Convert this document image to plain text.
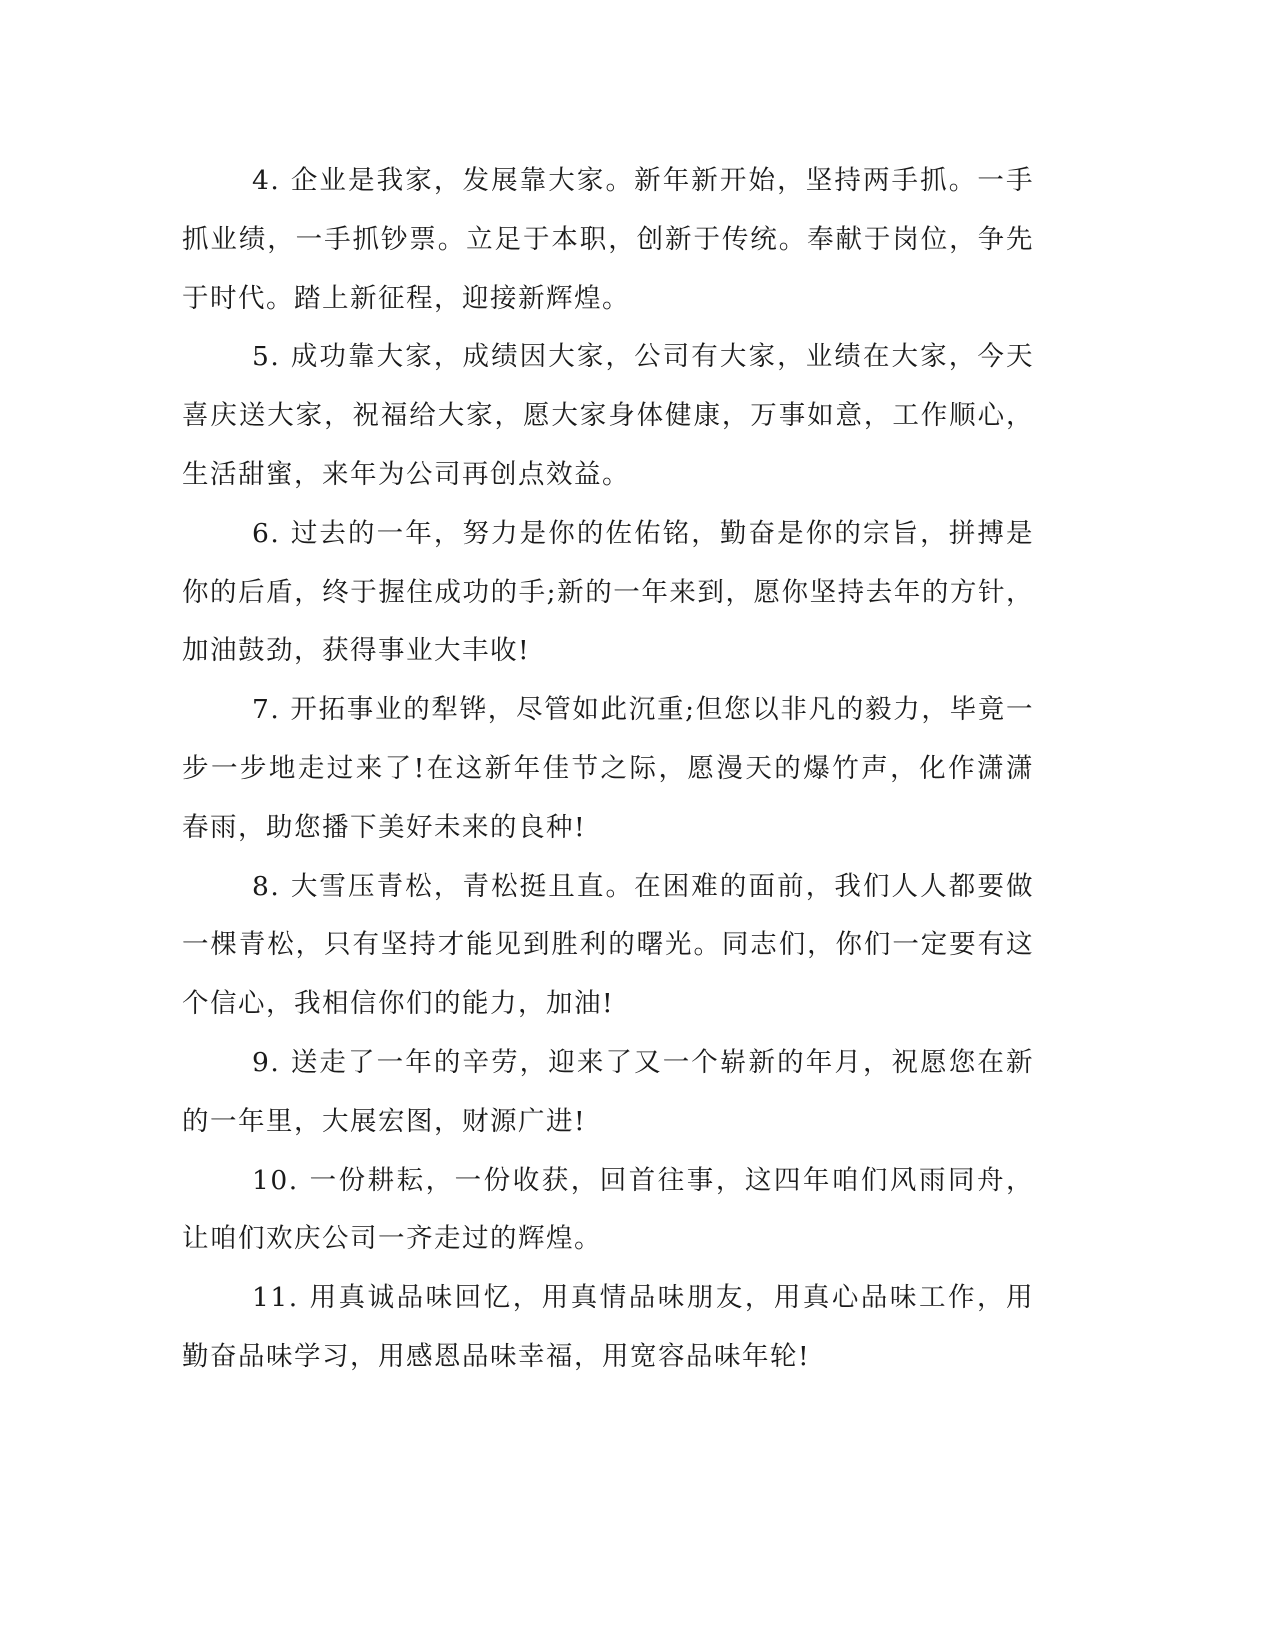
4. 企业是我家，发展靠大家。新年新开始，坚持两手抓。一手抓业绩，一手抓钞票。立足于本职，创新于传统。奉献于岗位，争先于时代。踏上新征程，迎接新辉煌。

5. 成功靠大家，成绩因大家，公司有大家，业绩在大家，今天喜庆送大家，祝福给大家，愿大家身体健康，万事如意，工作顺心，生活甜蜜，来年为公司再创点效益。

6. 过去的一年，努力是你的佐佑铭，勤奋是你的宗旨，拼搏是你的后盾，终于握住成功的手;新的一年来到，愿你坚持去年的方针，加油鼓劲，获得事业大丰收!

7. 开拓事业的犁铧，尽管如此沉重;但您以非凡的毅力，毕竟一步一步地走过来了!在这新年佳节之际，愿漫天的爆竹声，化作潇潇春雨，助您播下美好未来的良种!

8. 大雪压青松，青松挺且直。在困难的面前，我们人人都要做一棵青松，只有坚持才能见到胜利的曙光。同志们，你们一定要有这个信心，我相信你们的能力，加油!

9. 送走了一年的辛劳，迎来了又一个崭新的年月，祝愿您在新的一年里，大展宏图，财源广进!

10. 一份耕耘，一份收获，回首往事，这四年咱们风雨同舟，让咱们欢庆公司一齐走过的辉煌。

11. 用真诚品味回忆，用真情品味朋友，用真心品味工作，用勤奋品味学习，用感恩品味幸福，用宽容品味年轮!
